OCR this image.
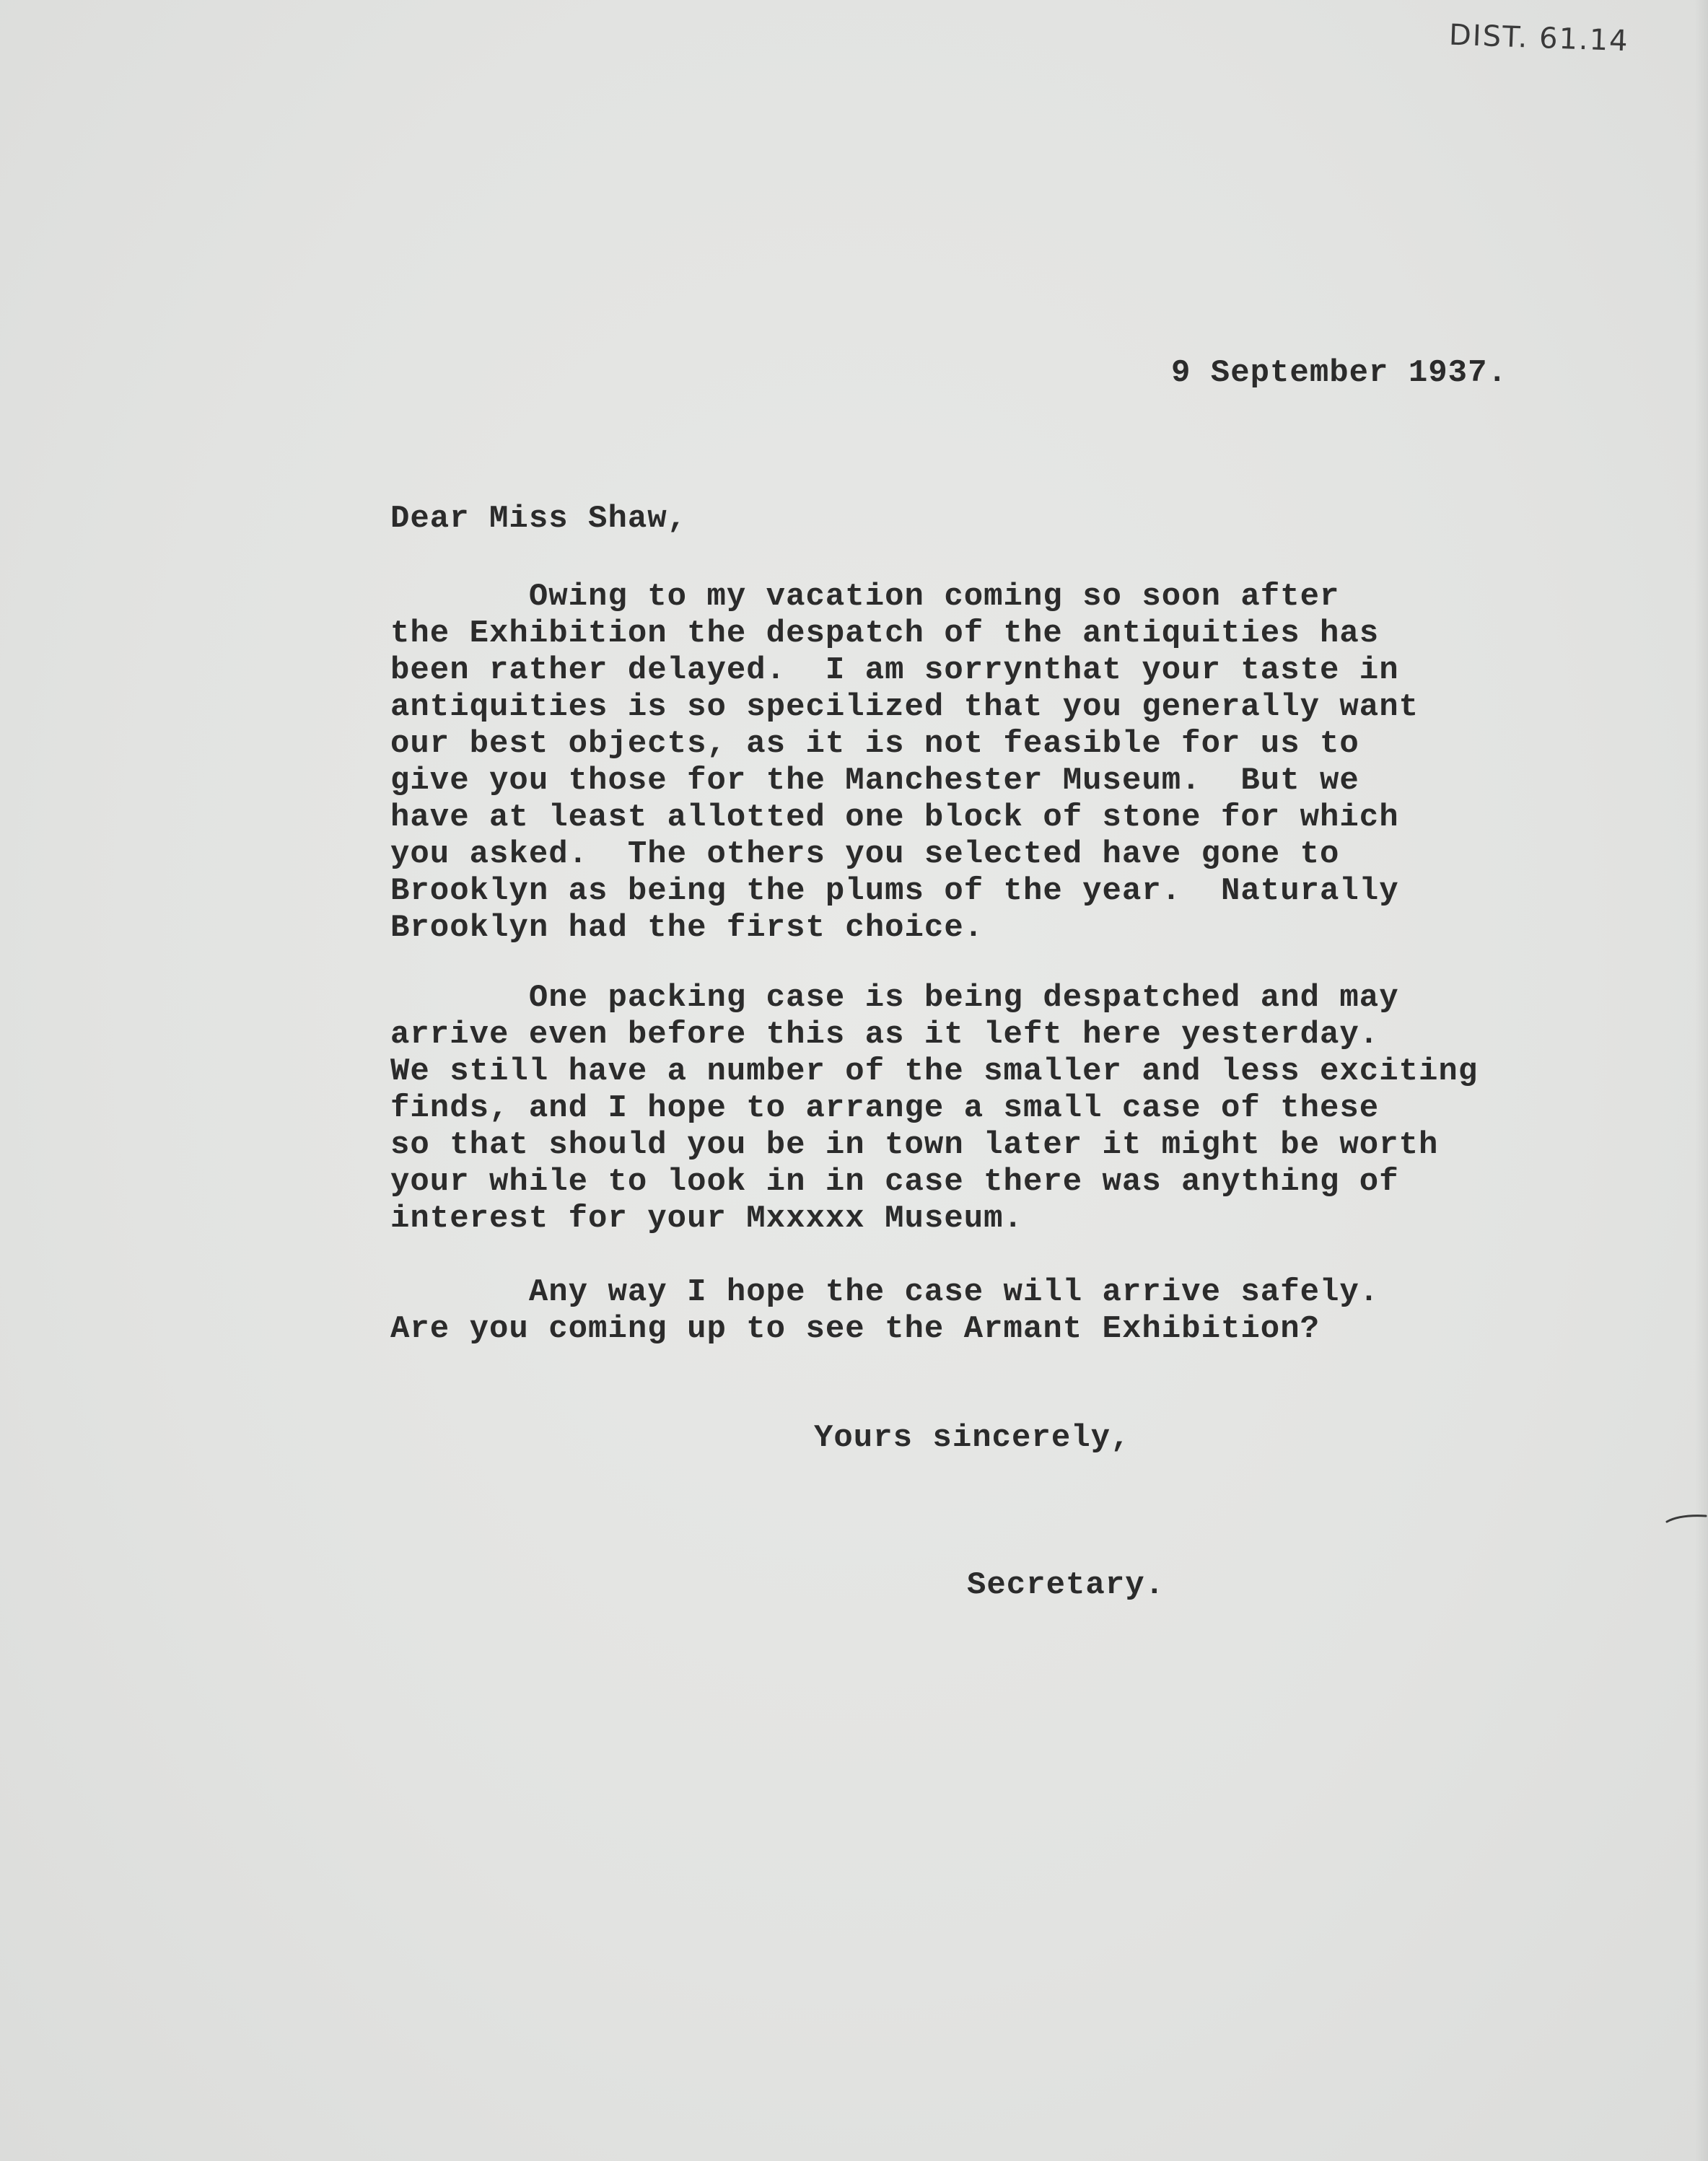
DIST. 61.14
9 September 1937.
Dear Miss Shaw,

Owing to my vacation coming so soon after
the Exhibition the despatch of the antiquities has
been rather delayed.  I am sorrynthat your taste in
antiquities is so specilized that you generally want
our best objects, as it is not feasible for us to
give you those for the Manchester Museum.  But we
have at least allotted one block of stone for which
you asked.  The others you selected have gone to
Brooklyn as being the plums of the year.  Naturally
Brooklyn had the first choice.

One packing case is being despatched and may
arrive even before this as it left here yesterday.
We still have a number of the smaller and less exciting
finds, and I hope to arrange a small case of these
so that should you be in town later it might be worth
your while to look in in case there was anything of
interest for your Mxxxxx Museum.

Any way I hope the case will arrive safely.
Are you coming up to see the Armant Exhibition?

Yours sincerely,
Secretary.
